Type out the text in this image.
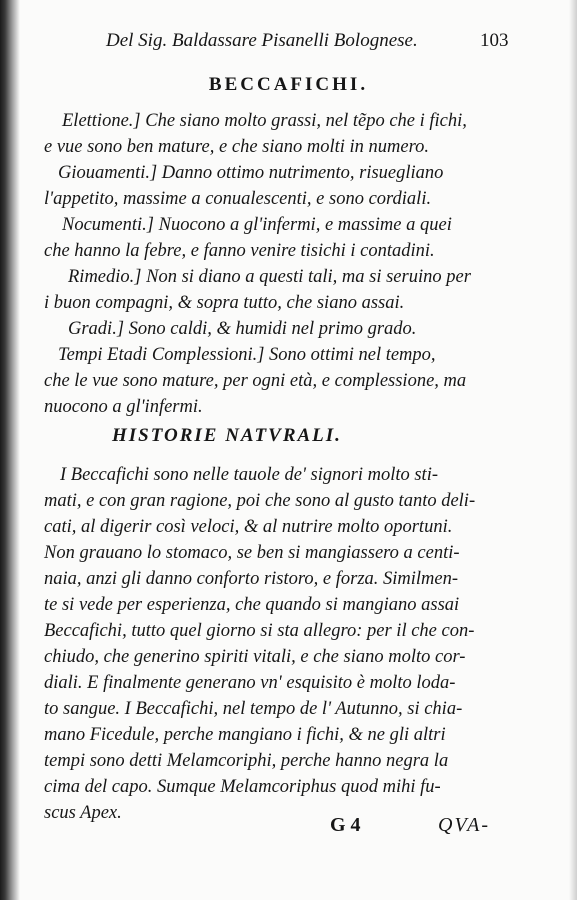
Del Sig. Baldassare Pisanelli Bolognese.	103
BECCAFICHI.

Elettione.] Che siano molto grassi, nel tẽpo che i fichi,

e vue sono ben mature, e che siano molti in numero.

Giouamenti.] Danno ottimo nutrimento, risuegliano

l'appetito, massime a conualescenti, e sono cordiali.

Nocumenti.] Nuocono a gl'infermi, e massime a quei

che hanno la febre, e fanno venire tisichi i contadini.

Rimedio.] Non si diano a questi tali, ma si seruino per

i buon compagni, & sopra tutto, che siano assai.

Gradi.] Sono caldi, & humidi nel primo grado.

Tempi Etadi Complessioni.] Sono ottimi nel tempo,

che le vue sono mature, per ogni età, e complessione, ma

nuocono a gl'infermi.

HISTORIE NATVRALI.

I Beccafichi sono nelle tauole de' signori molto sti-

mati, e con gran ragione, poi che sono al gusto tanto deli-

cati, al digerir così veloci, & al nutrire molto oportuni.

Non grauano lo stomaco, se ben si mangiassero a centi-

naia, anzi gli danno conforto ristoro, e forza. Similmen-

te si vede per esperienza, che quando si mangiano assai

Beccafichi, tutto quel giorno si sta allegro: per il che con-

chiudo, che generino spiriti vitali, e che siano molto cor-

diali. E finalmente generano vn' esquisito è molto loda-

to sangue. I Beccafichi, nel tempo de l' Autunno, si chia-

mano Ficedule, perche mangiano i fichi, & ne gli altri

tempi sono detti Melamcoriphi, perche hanno negra la

cima del capo. Sumque Melamcoriphus quod mihi fu-

scus Apex.

G 4	QVA-
